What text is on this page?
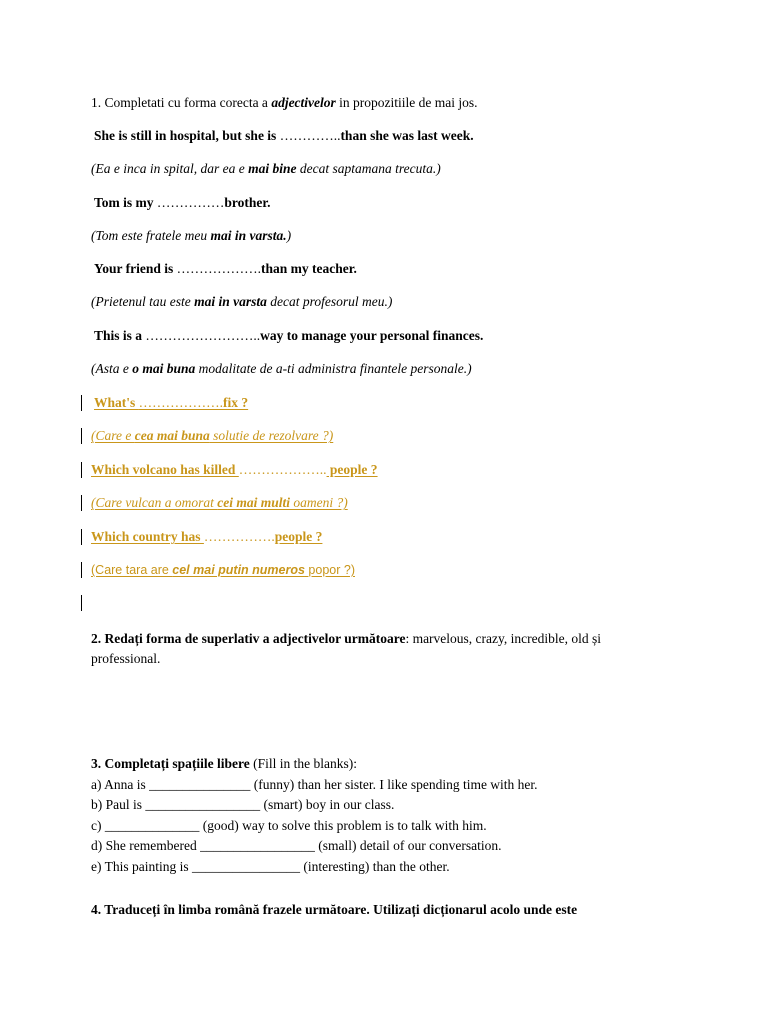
1. Completati cu forma corecta a adjectivelor in propozitiile de mai jos.
She is still in hospital, but she is …………..than she was last week.
(Ea e inca in spital, dar ea e mai bine decat saptamana trecuta.)
Tom is my ……………brother.
(Tom este fratele meu mai in varsta.)
Your friend is ……………….than my teacher.
(Prietenul tau este mai in varsta decat profesorul meu.)
This is a ……………………..way to manage your personal finances.
(Asta e o mai buna modalitate de a-ti administra finantele personale.)
What's ……………….fix ?
(Care e cea mai buna solutie de rezolvare ?)
Which volcano has killed ……………….. people ?
(Care vulcan a omorat cei mai multi oameni ?)
Which country has …………….people ?
(Care tara are cel mai putin numeros popor ?)
2. Redați forma de superlativ a adjectivelor următoare: marvelous, crazy, incredible, old și
professional.
3. Completați spațiile libere (Fill in the blanks):
a) Anna is _______________ (funny) than her sister. I like spending time with her.
b) Paul is _________________ (smart) boy in our class.
c) ______________ (good) way to solve this problem is to talk with him.
d) She remembered _________________ (small) detail of our conversation.
e) This painting is ________________ (interesting) than the other.
4. Traduceți în limba română frazele următoare. Utilizați dicționarul acolo unde este
